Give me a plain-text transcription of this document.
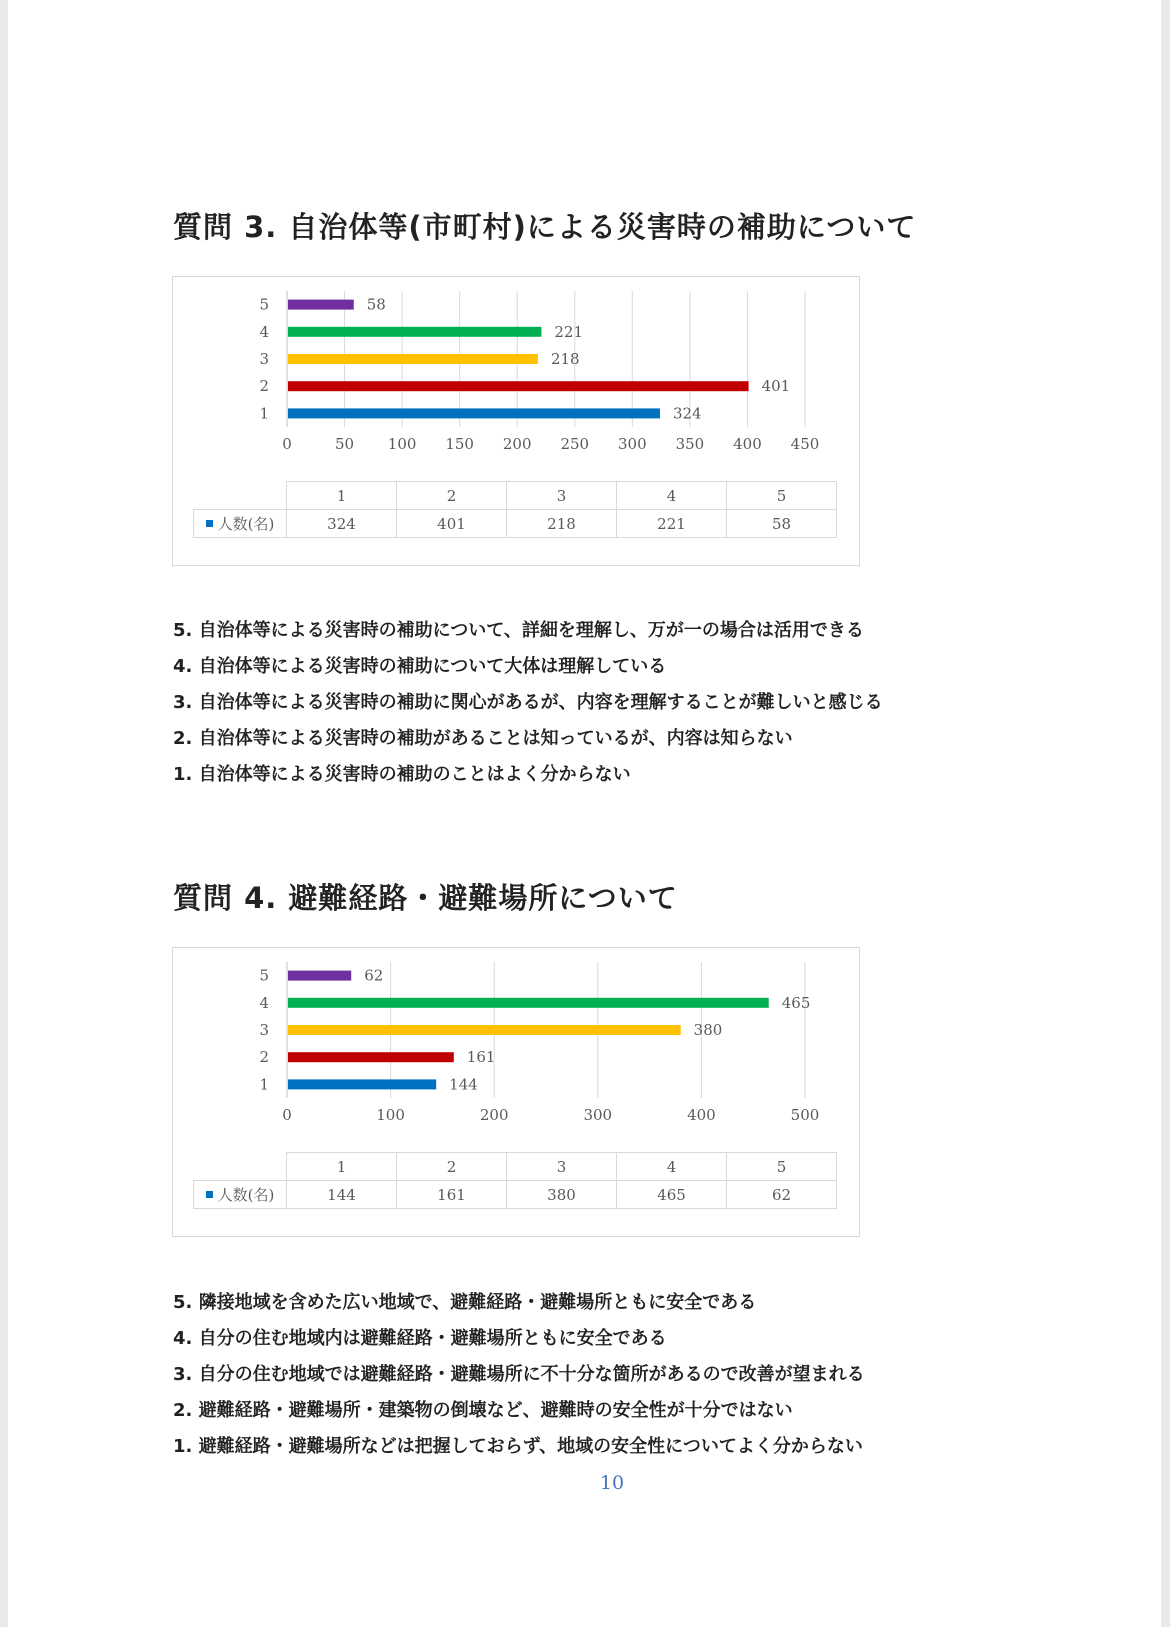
質問 3. 自治体等(市町村)による災害時の補助について
0	50 100 150 200 250 300 350 400 450
1	324
2	401
3	218
4	221
5	58
	1	2	3	4	5
人数(名)	324	401	218	221	58
5. 自治体等による災害時の補助について、詳細を理解し、万が一の場合は活用できる
4. 自治体等による災害時の補助について大体は理解している
3. 自治体等による災害時の補助に関心があるが、内容を理解することが難しいと感じる
2. 自治体等による災害時の補助があることは知っているが、内容は知らない
1. 自治体等による災害時の補助のことはよく分からない
質問 4. 避難経路・避難場所について
0	100	200	300	400	500
1	144
2	161
3	380
4	465
5	62
	1	2	3	4	5
人数(名)	144	161	380	465	62
5. 隣接地域を含めた広い地域で、避難経路・避難場所ともに安全である
4. 自分の住む地域内は避難経路・避難場所ともに安全である
3. 自分の住む地域では避難経路・避難場所に不十分な箇所があるので改善が望まれる
2. 避難経路・避難場所・建築物の倒壊など、避難時の安全性が十分ではない
1. 避難経路・避難場所などは把握しておらず、地域の安全性についてよく分からない
10
